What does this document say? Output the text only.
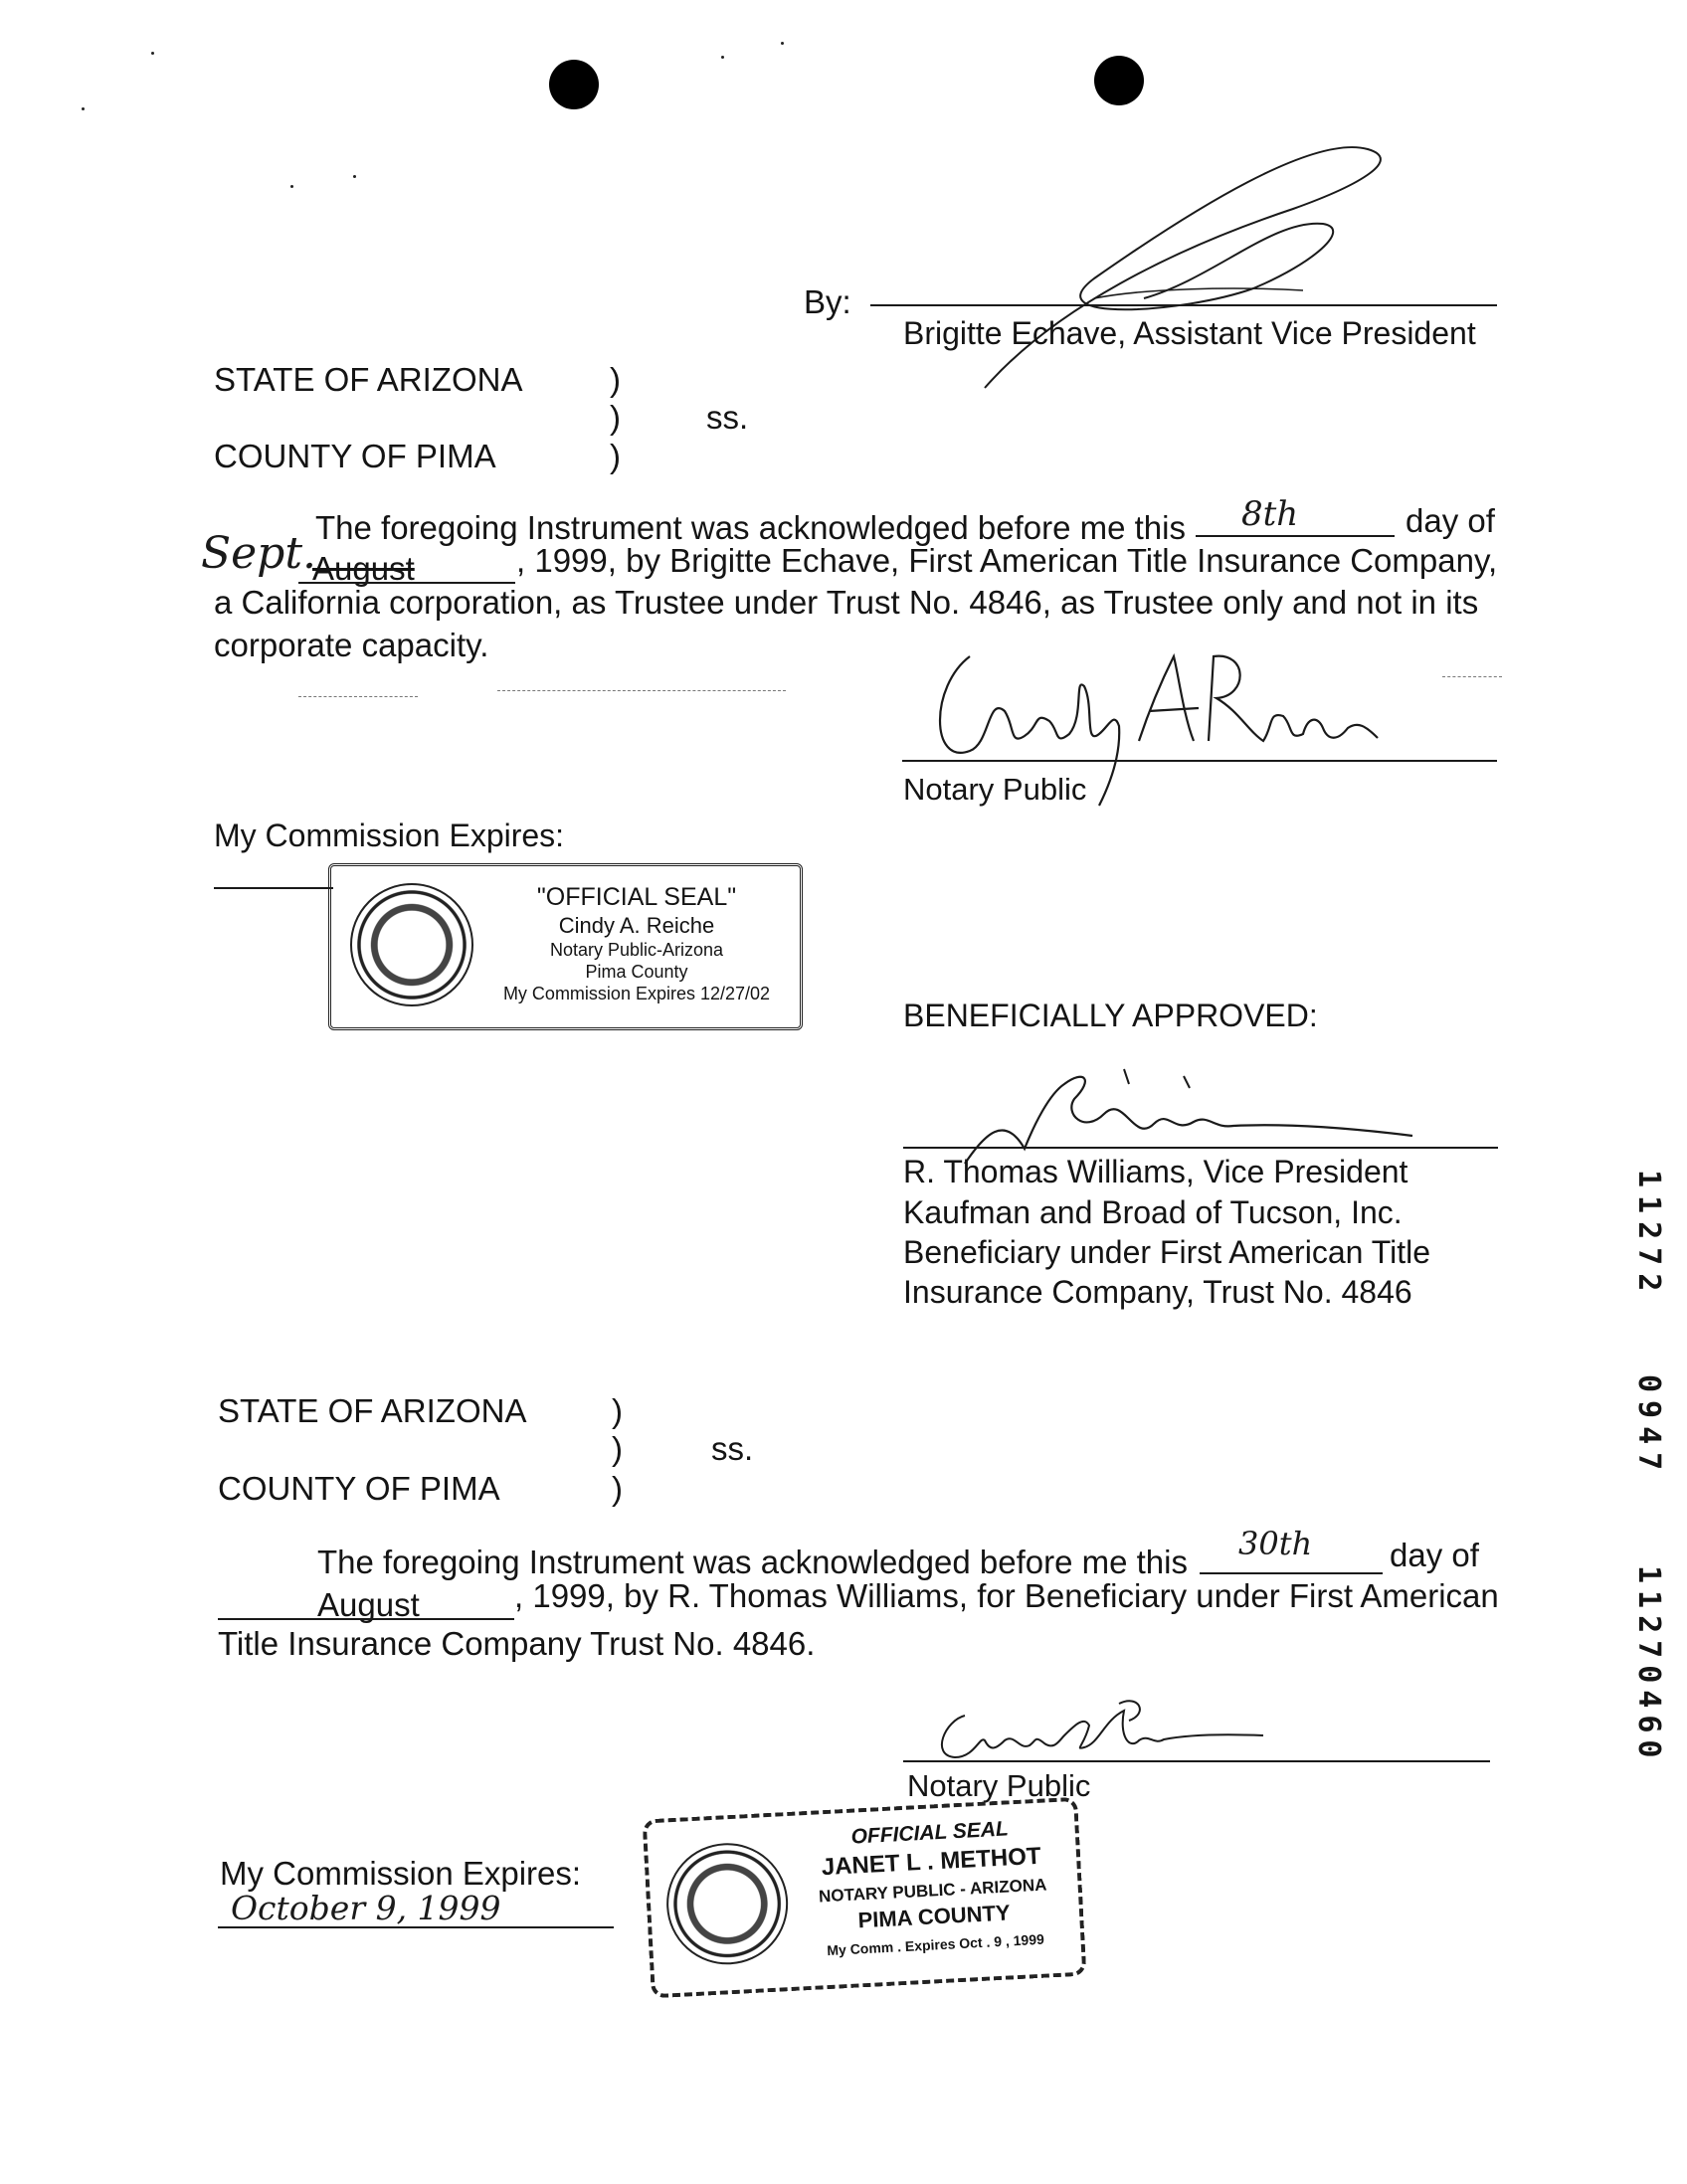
By:
Brigitte Echave, Assistant Vice President
STATE OF ARIZONA	)
)	ss.
COUNTY OF PIMA	)
The foregoing Instrument was acknowledged before me this 8th	day of
Sept.
August	, 1999, by Brigitte Echave, First American Title Insurance Company,
a California corporation, as Trustee under Trust No. 4846, as Trustee only and not in its
corporate capacity.
Notary Public
My Commission Expires:
"OFFICIAL SEAL"
Cindy A. Reiche
Notary Public-Arizona
Pima County
My Commission Expires 12/27/02
BENEFICIALLY APPROVED:
R. Thomas Williams, Vice President
Kaufman and Broad of Tucson, Inc.
Beneficiary under First American Title
Insurance Company, Trust No. 4846
STATE OF ARIZONA	)
)	ss.
COUNTY OF PIMA	)
The foregoing Instrument was acknowledged before me this 30th day of
August	, 1999, by R. Thomas Williams, for Beneficiary under First American
Title Insurance Company Trust No. 4846.
Notary Public
My Commission Expires:
October 9, 1999
OFFICIAL SEAL
JANET L . METHOT
NOTARY PUBLIC - ARIZONA
PIMA COUNTY
My Comm . Expires Oct . 9 , 1999
11272
0947
11270460
